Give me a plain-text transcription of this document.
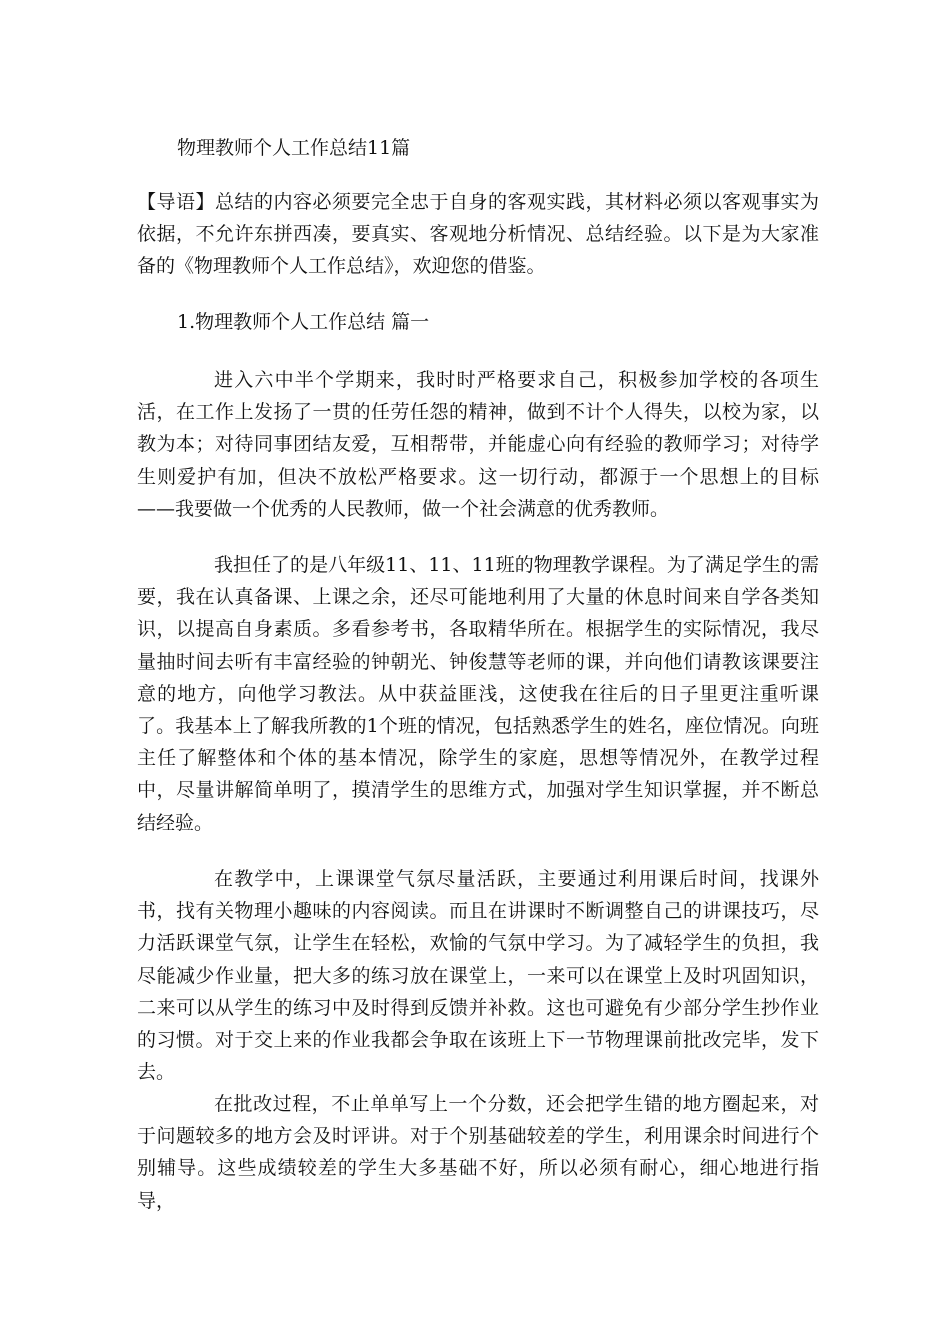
物理教师个人工作总结11篇
【导语】总结的内容必须要完全忠于自身的客观实践，其材料必须以客观事实为依据，不允许东拼西凑，要真实、客观地分析情况、总结经验。以下是为大家准备的《物理教师个人工作总结》，欢迎您的借鉴。
1.物理教师个人工作总结 篇一
进入六中半个学期来，我时时严格要求自己，积极参加学校的各项生活，在工作上发扬了一贯的任劳任怨的精神，做到不计个人得失，以校为家，以教为本；对待同事团结友爱，互相帮带，并能虚心向有经验的教师学习；对待学生则爱护有加，但决不放松严格要求。这一切行动，都源于一个思想上的目标——我要做一个优秀的人民教师，做一个社会满意的优秀教师。
我担任了的是八年级11、11、11班的物理教学课程。为了满足学生的需要，我在认真备课、上课之余，还尽可能地利用了大量的休息时间来自学各类知识，以提高自身素质。多看参考书，各取精华所在。根据学生的实际情况，我尽量抽时间去听有丰富经验的钟朝光、钟俊慧等老师的课，并向他们请教该课要注意的地方，向他学习教法。从中获益匪浅，这使我在往后的日子里更注重听课了。我基本上了解我所教的1个班的情况，包括熟悉学生的姓名，座位情况。向班主任了解整体和个体的基本情况，除学生的家庭，思想等情况外，在教学过程中，尽量讲解简单明了，摸清学生的思维方式，加强对学生知识掌握，并不断总结经验。
在教学中，上课课堂气氛尽量活跃，主要通过利用课后时间，找课外书，找有关物理小趣味的内容阅读。而且在讲课时不断调整自己的讲课技巧，尽力活跃课堂气氛，让学生在轻松，欢愉的气氛中学习。为了减轻学生的负担，我尽能减少作业量，把大多的练习放在课堂上，一来可以在课堂上及时巩固知识，二来可以从学生的练习中及时得到反馈并补救。这也可避免有少部分学生抄作业的习惯。对于交上来的作业我都会争取在该班上下一节物理课前批改完毕，发下去。
在批改过程，不止单单写上一个分数，还会把学生错的地方圈起来，对于问题较多的地方会及时评讲。对于个别基础较差的学生，利用课余时间进行个别辅导。这些成绩较差的学生大多基础不好，所以必须有耐心，细心地进行指导，
